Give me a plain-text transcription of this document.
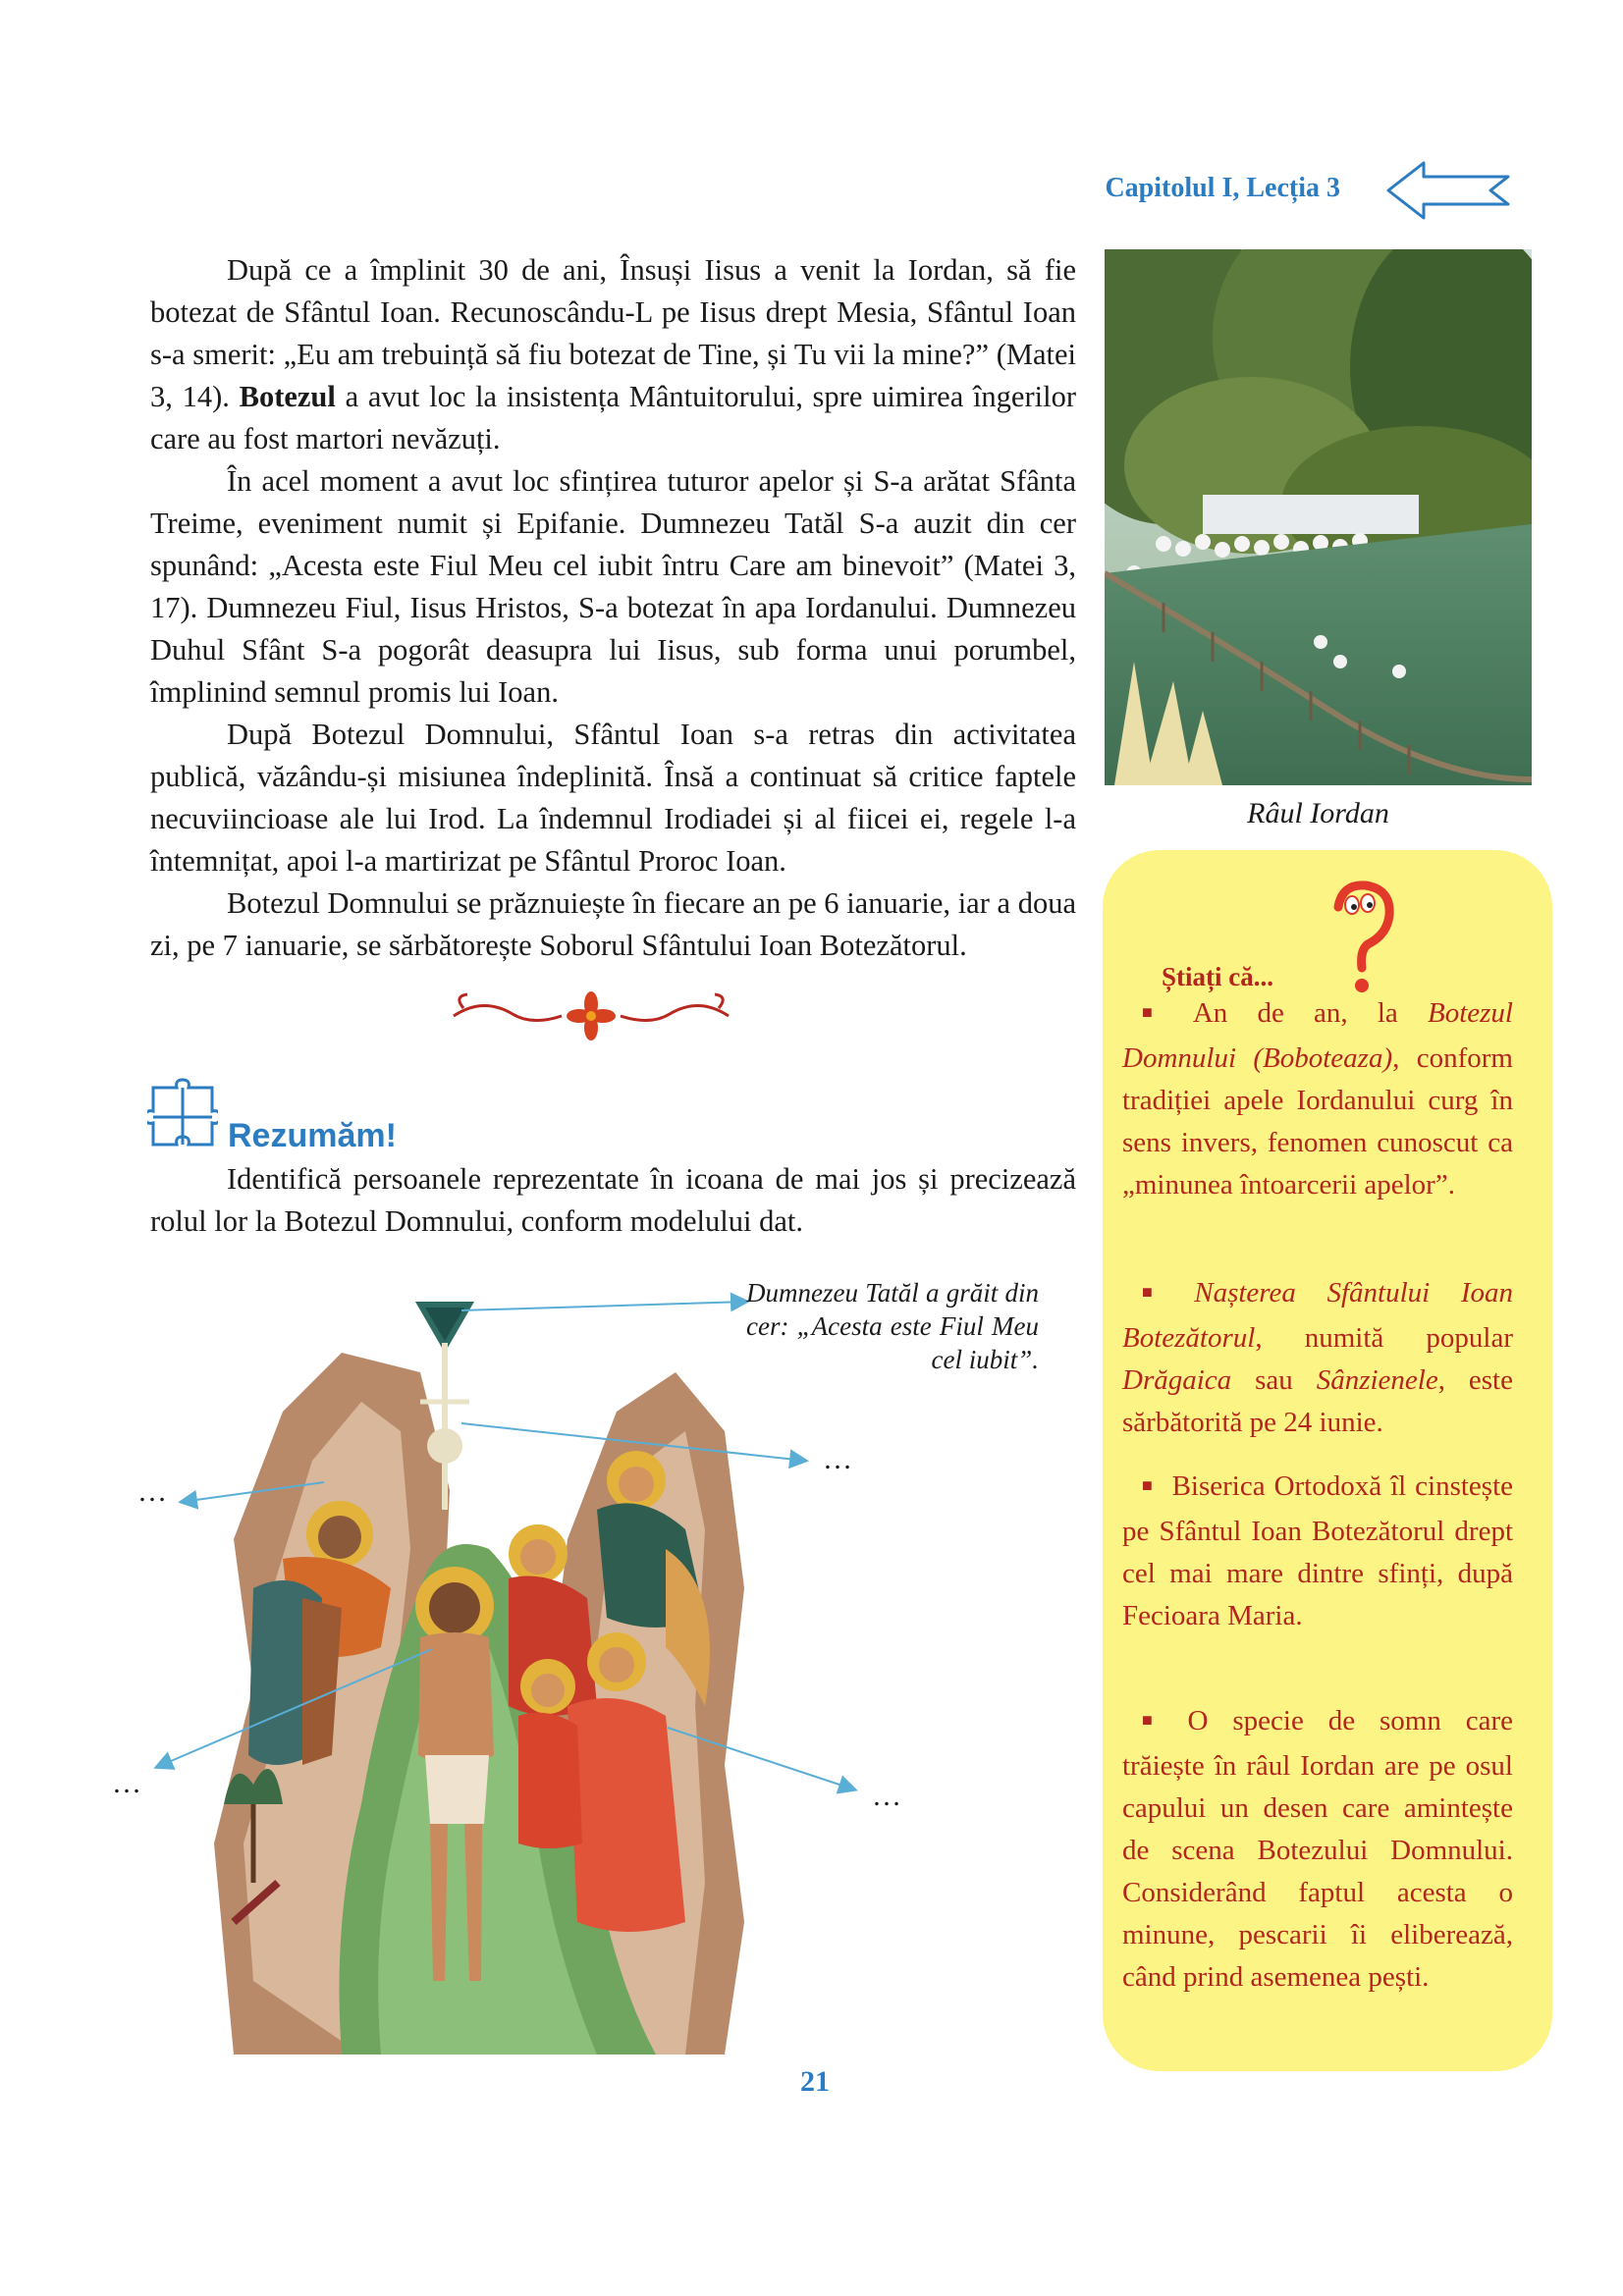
Capitolul I, Lecția 3

După ce a împlinit 30 de ani, Însuși Iisus a venit la Iordan, să fie botezat de Sfântul Ioan. Recunoscându-L pe Iisus drept Mesia, Sfântul Ioan s-a smerit: „Eu am trebuință să fiu botezat de Tine, și Tu vii la mine?” (Matei 3, 14). Botezul a avut loc la insistența Mântuitorului, spre uimirea îngerilor care au fost martori nevăzuți.

În acel moment a avut loc sfințirea tuturor apelor și S-a arătat Sfânta Treime, eveniment numit și Epifanie. Dumnezeu Tatăl S-a auzit din cer spunând: „Acesta este Fiul Meu cel iubit întru Care am binevoit” (Matei 3, 17). Dumnezeu Fiul, Iisus Hristos, S-a botezat în apa Iordanului. Dumnezeu Duhul Sfânt S-a pogorât deasupra lui Iisus, sub forma unui porumbel, împlinind semnul promis lui Ioan.

După Botezul Domnului, Sfântul Ioan s-a retras din activitatea publică, văzându-și misiunea îndeplinită. Însă a continuat să critice faptele necuviincioase ale lui Irod. La îndemnul Irodiadei și al fiicei ei, regele l-a întemnițat, apoi l-a martirizat pe Sfântul Proroc Ioan.

Botezul Domnului se prăznuiește în fiecare an pe 6 ianuarie, iar a doua zi, pe 7 ianuarie, se sărbătorește Soborul Sfântului Ioan Botezătorul.

Râul Iordan
Rezumăm!

Identifică persoanele reprezentate în icoana de mai jos și precizează rolul lor la Botezul Domnului, conform modelului dat.

Dumnezeu Tatăl a grăit din cer: „Acesta este Fiul Meu cel iubit”.
…
…
…	…
Știați că...

■ An de an, la Botezul Domnului (Boboteaza), conform tradiției apele Iordanului curg în sens invers, fenomen cunoscut ca „minunea întoarcerii apelor”.

■ Nașterea Sfântului Ioan Botezătorul, numită popular Drăgaica sau Sânzienele, este sărbătorită pe 24 iunie.

■ Biserica Ortodoxă îl cinstește pe Sfântul Ioan Botezătorul drept cel mai mare dintre sfinți, după Fecioara Maria.

■ O specie de somn care trăiește în râul Iordan are pe osul capului un desen care amintește de scena Botezului Domnului. Considerând faptul acesta o minune, pescarii îi eliberează, când prind asemenea pești.

21
